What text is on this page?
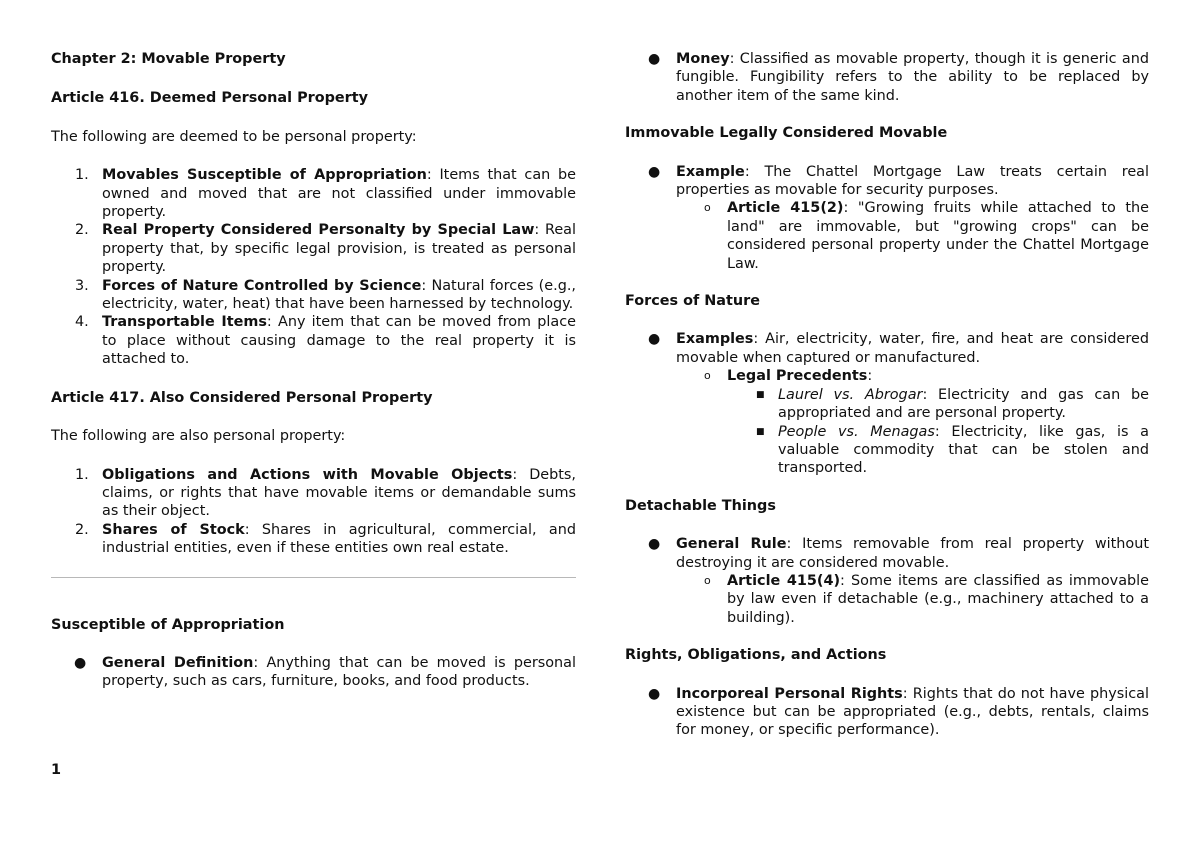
Chapter 2: Movable Property
Article 416. Deemed Personal Property

The following are deemed to be personal property:

1. Movables Susceptible of Appropriation: Items that can be owned and moved that are not classified under immovable property.
2. Real Property Considered Personalty by Special Law: Real property that, by specific legal provision, is treated as personal property.
3. Forces of Nature Controlled by Science: Natural forces (e.g., electricity, water, heat) that have been harnessed by technology.
4. Transportable Items: Any item that can be moved from place to place without causing damage to the real property it is attached to.
Article 417. Also Considered Personal Property

The following are also personal property:

1. Obligations and Actions with Movable Objects: Debts, claims, or rights that have movable items or demandable sums as their object.
2. Shares of Stock: Shares in agricultural, commercial, and industrial entities, even if these entities own real estate.
Susceptible of Appropriation
● General Definition: Anything that can be moved is personal property, such as cars, furniture, books, and food products.
1
● Money: Classified as movable property, though it is generic and fungible. Fungibility refers to the ability to be replaced by another item of the same kind.
Immovable Legally Considered Movable
● Example: The Chattel Mortgage Law treats certain real properties as movable for security purposes.
o Article 415(2): "Growing fruits while attached to the land" are immovable, but "growing crops" can be considered personal property under the Chattel Mortgage Law.
Forces of Nature
● Examples: Air, electricity, water, fire, and heat are considered movable when captured or manufactured.
o Legal Precedents:
■ Laurel vs. Abrogar: Electricity and gas can be appropriated and are personal property.
■ People vs. Menagas: Electricity, like gas, is a valuable commodity that can be stolen and transported.
Detachable Things
● General Rule: Items removable from real property without destroying it are considered movable.
o Article 415(4): Some items are classified as immovable by law even if detachable (e.g., machinery attached to a building).
Rights, Obligations, and Actions
● Incorporeal Personal Rights: Rights that do not have physical existence but can be appropriated (e.g., debts, rentals, claims for money, or specific performance).
